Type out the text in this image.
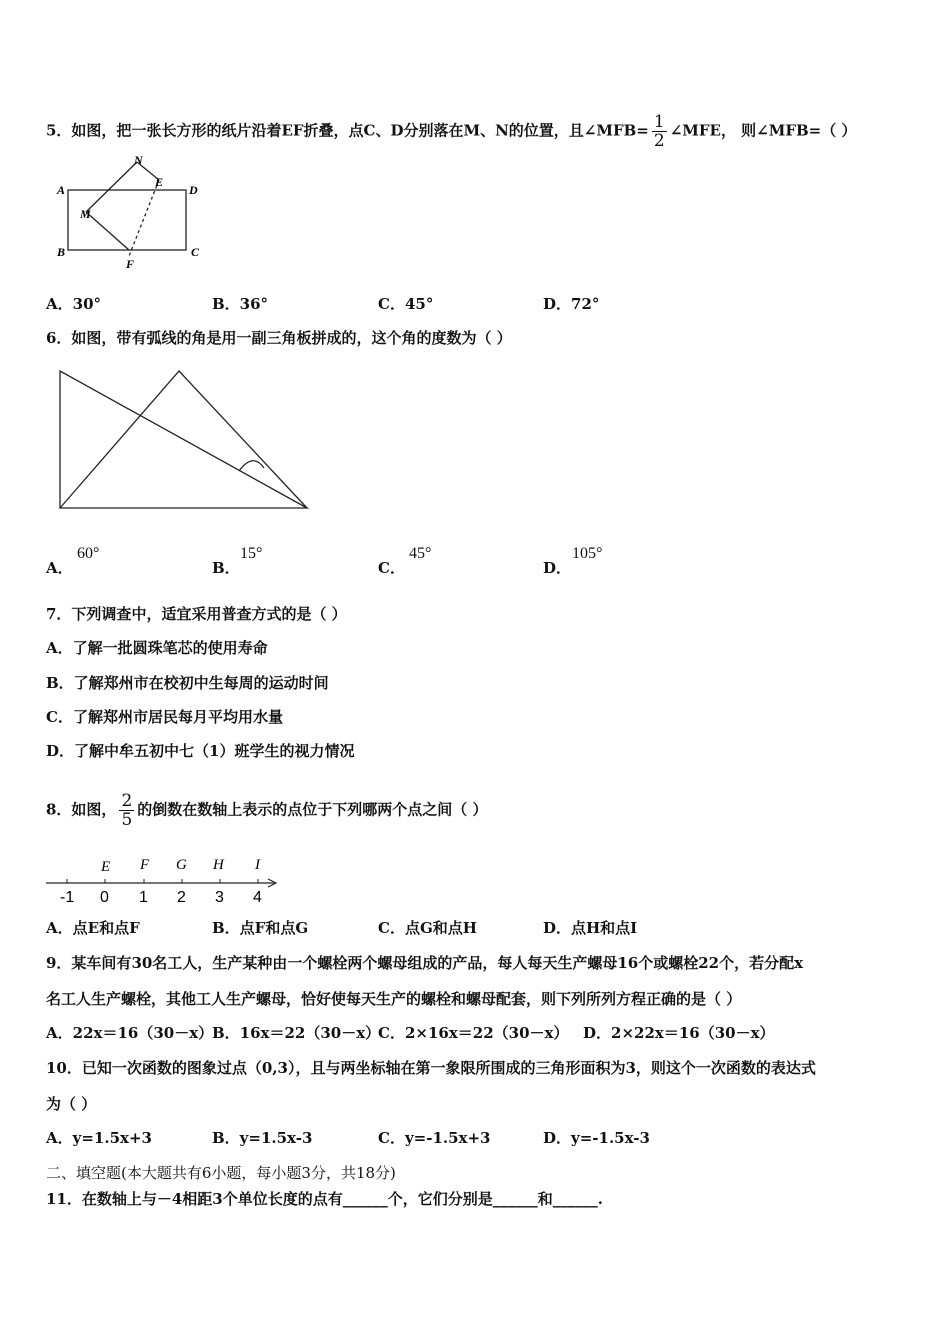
5．如图，把一张长方形的纸片沿着EF折叠，点C、D分别落在M、N的位置，且∠MFB= $\frac{1}{2}$ ∠MFE， 则∠MFB=（ ）
A
B	C
D
E
F
M
N
A．30°	B．36°	C．45°	D．72°
6．如图，带有弧线的角是用一副三角板拼成的，这个角的度数为（ ）
A．
60°
B．
15°
C．
45°
D．
105°
7．下列调查中，适宜采用普查方式的是（ ）
A．了解一批圆珠笔芯的使用寿命
B．了解郑州市在校初中生每周的运动时间
C．了解郑州市居民每月平均用水量
D．了解中牟五初中七（1）班学生的视力情况
8．如图， $\frac{2}{5}$ 的倒数在数轴上表示的点位于下列哪两个点之间（ ）
E F G H I
-1 0 1 2 3 4
A．点E和点F	B．点F和点G	C．点G和点H	D．点H和点I
9．某车间有30名工人，生产某种由一个螺栓两个螺母组成的产品，每人每天生产螺母16个或螺栓22个，若分配x
名工人生产螺栓，其他工人生产螺母，恰好使每天生产的螺栓和螺母配套，则下列所列方程正确的是（ ）
A．22x＝16（30－x）
B．16x＝22（30－x）
C．2×16x＝22（30－x） D．2×22x＝16（30－x）
10．已知一次函数的图象过点（0,3），且与两坐标轴在第一象限所围成的三角形面积为3，则这个一次函数的表达式
为（ ）
A．y=1.5x+3	B．y=1.5x-3	C．y=-1.5x+3	D．y=-1.5x-3
二、填空题(本大题共有6小题，每小题3分，共18分)
11．在数轴上与－4相距3个单位长度的点有______个，它们分别是______和______.
